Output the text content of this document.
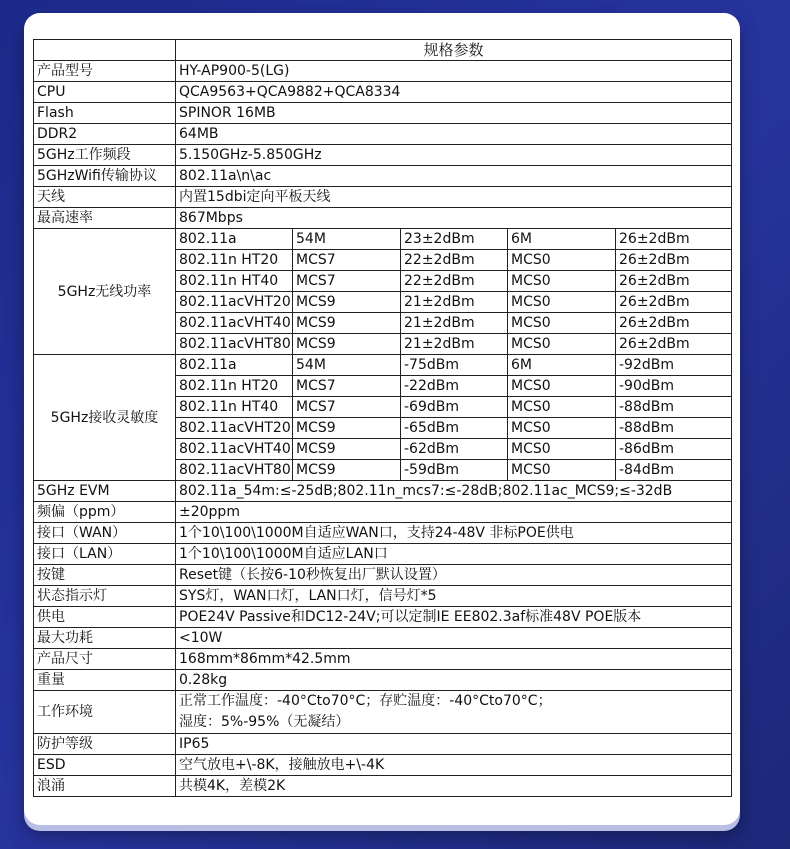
	规格参数				
产品型号	HY-AP900-5(LG)				
CPU	QCA9563+QCA9882+QCA8334				
Flash	SPINOR 16MB				
DDR2	64MB				
5GHz工作频段	5.150GHz-5.850GHz				
5GHzWifi传输协议	802.11a\n\ac				
天线	内置15dbi定向平板天线				
最高速率	867Mbps				
5GHz无线功率	802.11a	54M	23±2dBm	6M	26±2dBm
	802.11n HT20	MCS7	22±2dBm	MCS0	26±2dBm
	802.11n HT40	MCS7	22±2dBm	MCS0	26±2dBm
	802.11acVHT20	MCS9	21±2dBm	MCS0	26±2dBm
	802.11acVHT40	MCS9	21±2dBm	MCS0	26±2dBm
	802.11acVHT80	MCS9	21±2dBm	MCS0	26±2dBm
5GHz接收灵敏度	802.11a	54M	-75dBm	6M	-92dBm
	802.11n HT20	MCS7	-22dBm	MCS0	-90dBm
	802.11n HT40	MCS7	-69dBm	MCS0	-88dBm
	802.11acVHT20	MCS9	-65dBm	MCS0	-88dBm
	802.11acVHT40	MCS9	-62dBm	MCS0	-86dBm
	802.11acVHT80	MCS9	-59dBm	MCS0	-84dBm
5GHz EVM	802.11a_54m:≤-25dB;802.11n_mcs7:≤-28dB;802.11ac_MCS9;≤-32dB				
频偏（ppm）	±20ppm				
接口（WAN）	1个10\100\1000M自适应WAN口，支持24-48V 非标POE供电				
接口（LAN）	1个10\100\1000M自适应LAN口				
按键	Reset键（长按6-10秒恢复出厂默认设置）				
状态指示灯	SYS灯，WAN口灯，LAN口灯，信号灯*5				
供电	POE24V Passive和DC12-24V;可以定制IE EE802.3af标准48V POE版本				
最大功耗	<10W				
产品尺寸	168mm*86mm*42.5mm				
重量	0.28kg				
工作环境	正常工作温度：-40°Cto70°C；存贮温度：-40°Cto70°C；
湿度：5%-95%（无凝结）				

防护等级	IP65				
ESD	空气放电+\-8K，接触放电+\-4K				
浪涌	共模4K，差模2K				
